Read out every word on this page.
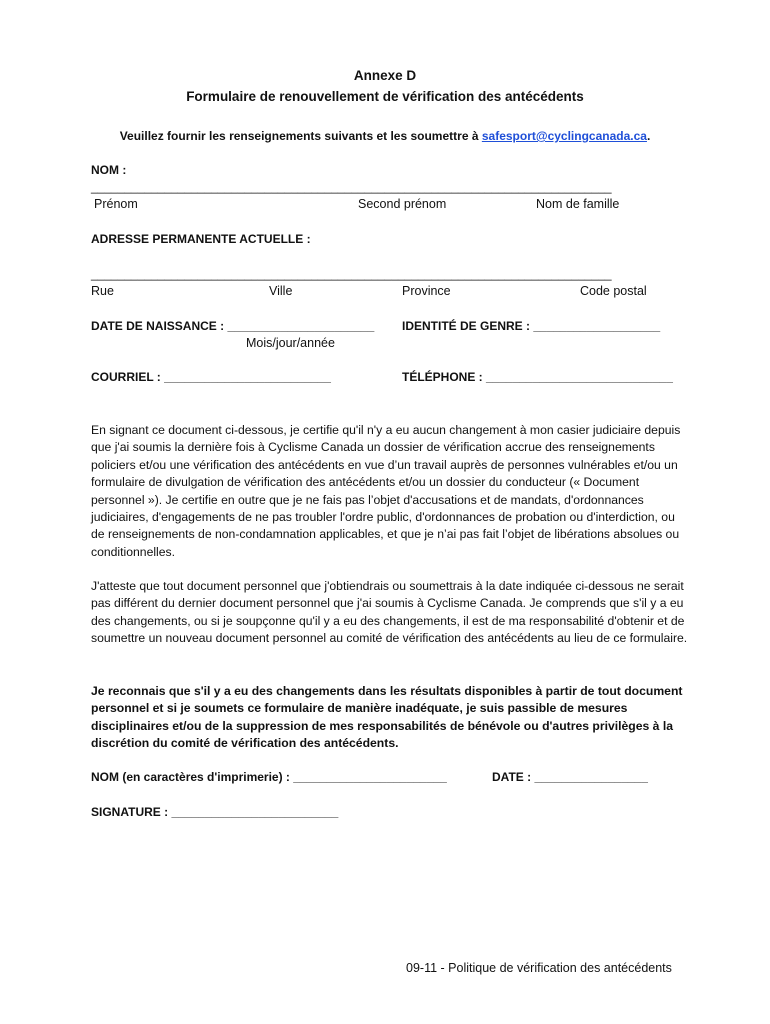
Annexe D
Formulaire de renouvellement de vérification des antécédents
Veuillez fournir les renseignements suivants et les soumettre à safesport@cyclingcanada.ca.
NOM :
______________________________________________________________________________
Prénom	Second prénom	Nom de famille
ADRESSE PERMANENTE ACTUELLE :
______________________________________________________________________________
Rue	Ville	Province	Code postal
DATE DE NAISSANCE : ______________________
Mois/jour/année
IDENTITÉ DE GENRE : ___________________
COURRIEL : _________________________	TÉLÉPHONE : ____________________________
En signant ce document ci-dessous, je certifie qu'il n'y a eu aucun changement à mon casier judiciaire depuis que j'ai soumis la dernière fois à Cyclisme Canada un dossier de vérification accrue des renseignements policiers et/ou une vérification des antécédents en vue d’un travail auprès de personnes vulnérables et/ou un formulaire de divulgation de vérification des antécédents et/ou un dossier du conducteur (« Document personnel »). Je certifie en outre que je ne fais pas l’objet d'accusations et de mandats, d'ordonnances judiciaires, d'engagements de ne pas troubler l'ordre public, d'ordonnances de probation ou d'interdiction, ou de renseignements de non-condamnation applicables, et que je n’ai pas fait l’objet de libérations absolues ou conditionnelles.
J'atteste que tout document personnel que j'obtiendrais ou soumettrais à la date indiquée ci-dessous ne serait pas différent du dernier document personnel que j'ai soumis à Cyclisme Canada. Je comprends que s'il y a eu des changements, ou si je soupçonne qu'il y a eu des changements, il est de ma responsabilité d'obtenir et de soumettre un nouveau document personnel au comité de vérification des antécédents au lieu de ce formulaire.
Je reconnais que s'il y a eu des changements dans les résultats disponibles à partir de tout document personnel et si je soumets ce formulaire de manière inadéquate, je suis passible de mesures disciplinaires et/ou de la suppression de mes responsabilités de bénévole ou d'autres privilèges à la discrétion du comité de vérification des antécédents.
NOM (en caractères d'imprimerie) : _______________________	DATE : _________________
SIGNATURE : _________________________
09-11 - Politique de vérification des antécédents
